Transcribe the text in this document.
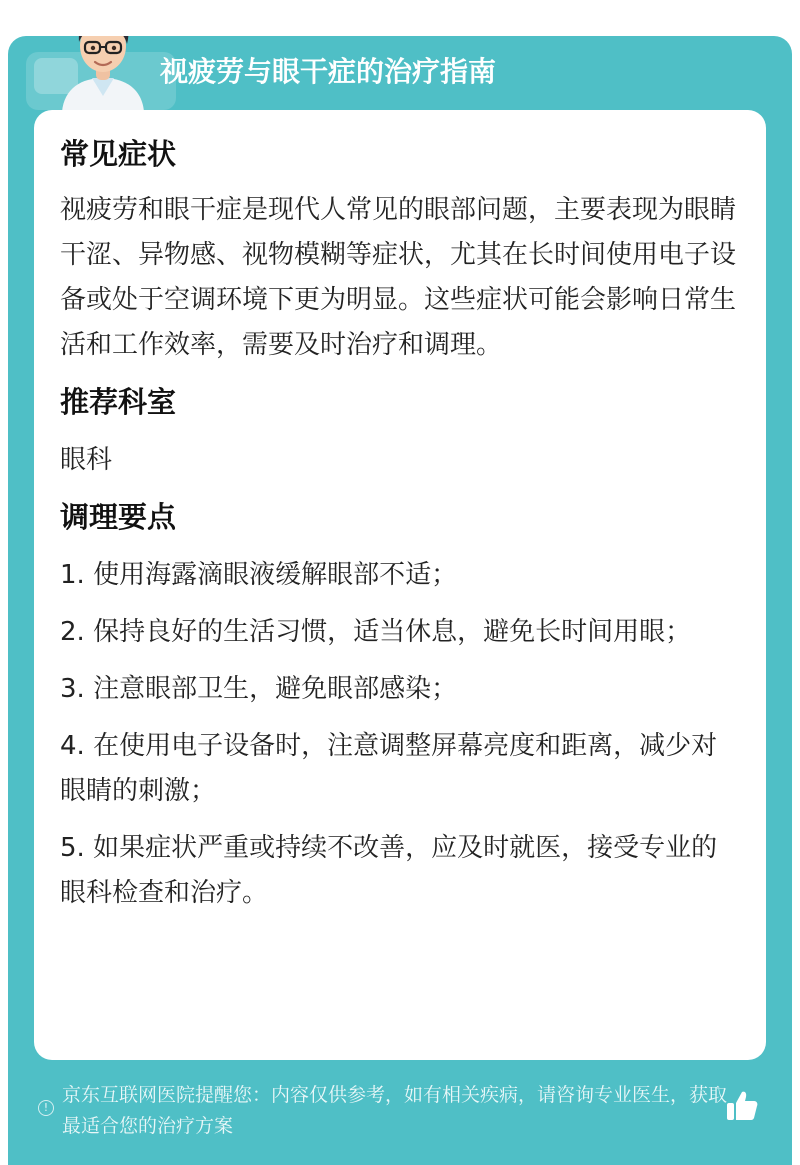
视疲劳与眼干症的治疗指南
常见症状

视疲劳和眼干症是现代人常见的眼部问题，主要表现为眼睛干涩、异物感、视物模糊等症状，尤其在长时间使用电子设备或处于空调环境下更为明显。这些症状可能会影响日常生活和工作效率，需要及时治疗和调理。

推荐科室

眼科

调理要点
1. 使用海露滴眼液缓解眼部不适；
2. 保持良好的生活习惯，适当休息，避免长时间用眼；
3. 注意眼部卫生，避免眼部感染；
4. 在使用电子设备时，注意调整屏幕亮度和距离，减少对眼睛的刺激；
5. 如果症状严重或持续不改善，应及时就医，接受专业的眼科检查和治疗。
!
京东互联网医院提醒您：内容仅供参考，如有相关疾病，请咨询专业医生，获取最适合您的治疗方案
